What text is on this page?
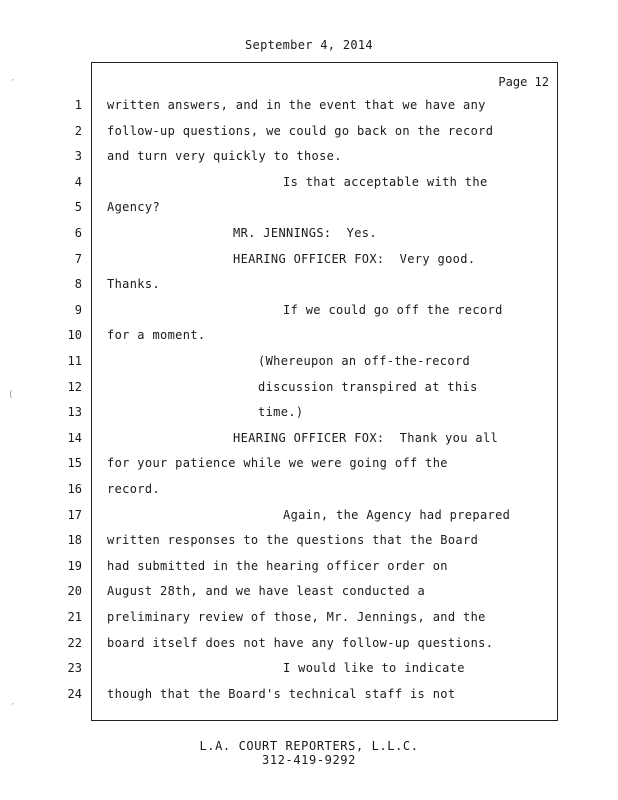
September 4, 2014
Page 12
1 written answers, and in the event that we have any
2 follow-up questions, we could go back on the record
3 and turn very quickly to those.
4	Is that acceptable with the
5 Agency?
6	MR. JENNINGS:  Yes.
7	HEARING OFFICER FOX:  Very good.
8 Thanks.
9	If we could go off the record
10 for a moment.
11	(Whereupon an off-the-record
12	discussion transpired at this
13	time.)
14	HEARING OFFICER FOX:  Thank you all
15 for your patience while we were going off the
16 record.
17	Again, the Agency had prepared
18 written responses to the questions that the Board
19 had submitted in the hearing officer order on
20 August 28th, and we have least conducted a
21 preliminary review of those, Mr. Jennings, and the
22 board itself does not have any follow-up questions.
23	I would like to indicate
24 though that the Board's technical staff is not
L.A. COURT REPORTERS, L.L.C.
312-419-9292
·
(
·
